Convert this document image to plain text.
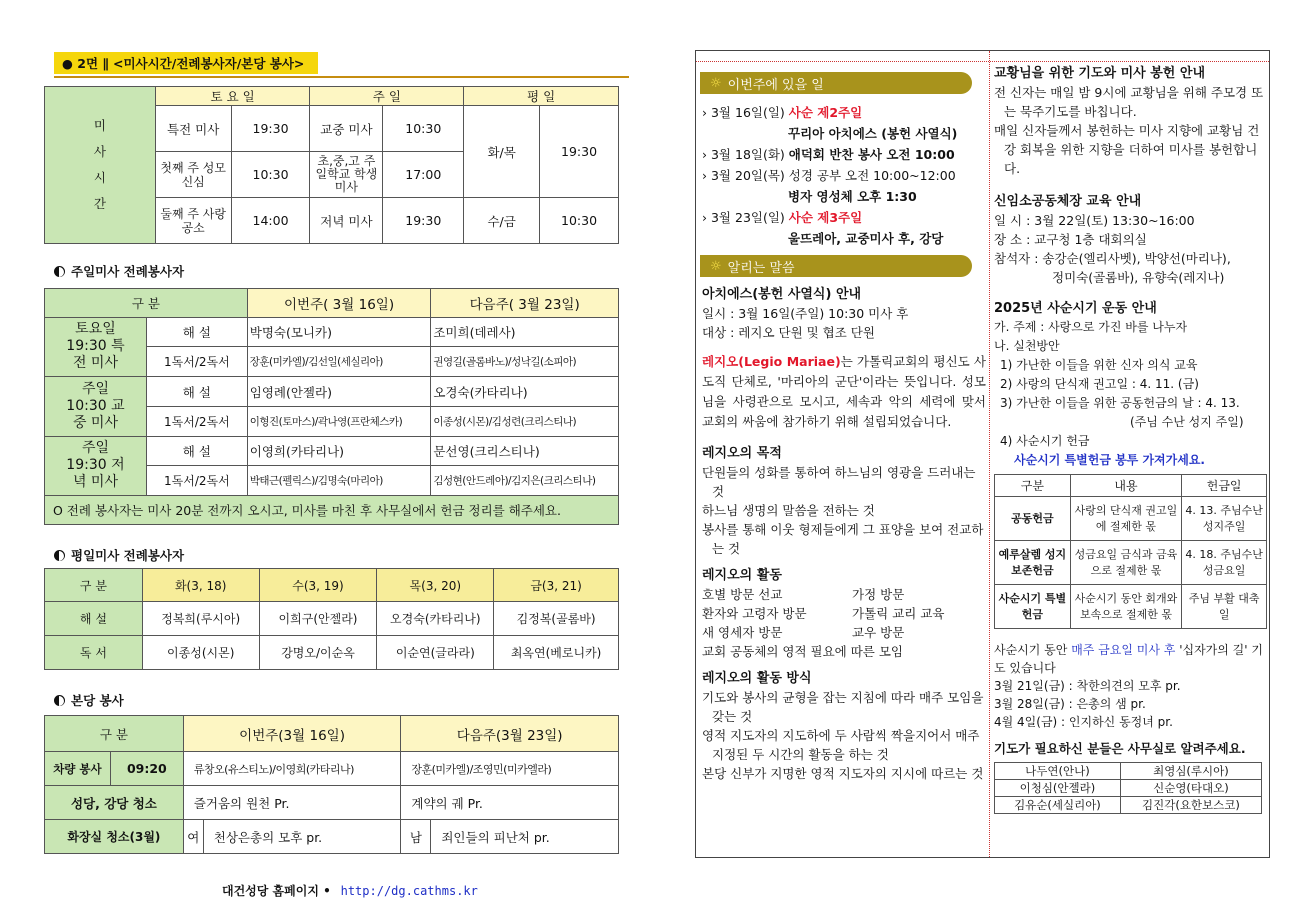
● 2면 ∥ <미사시간/전례봉사자/본당 봉사>
미
사
시
간	토 요 일		주 일		평 일	
	특전 미사	19:30	교중 미사	10:30	화/목	19:30
	첫째 주 성모 신심	10:30	초,중,고 주일학교 학생미사	17:00		
	둘째 주 사랑 공소	14:00	저녁 미사	19:30	수/금	10:30
주일미사 전례봉사자
구 분		이번주( 3월 16일)	다음주( 3월 23일)
토요일 19:30 특전 미사	해 설	박명숙(모니카)	조미희(데레사)
	1독서/2독서	장훈(미카엘)/김선일(세실리아)	권영길(골롬바노)/성낙길(소피아)
주일 10:30 교중 미사	해 설	임영례(안젤라)	오경숙(카타리나)
	1독서/2독서	이형진(토마스)/곽나영(프란체스카)	이종성(시몬)/김성련(크리스티나)
주일 19:30 저녁 미사	해 설	이영희(카타리나)	문선영(크리스티나)
	1독서/2독서	박태근(펠릭스)/김명숙(마리아)	김성현(안드레아)/김지은(크리스티나)
O 전례 봉사자는 미사 20분 전까지 오시고, 미사를 마친 후 사무실에서 헌금 정리를 해주세요.			
평일미사 전례봉사자
구 분	화(3, 18)	수(3, 19)	목(3, 20)	금(3, 21)
해 설	정복희(루시아)	이희구(안젤라)	오경숙(카타리나)	김정복(골롬바)
독 서	이종성(시몬)	강명오/이순옥	이순연(글라라)	최옥연(베로니카)
본당 봉사
구 분		이번주(3월 16일)		다음주(3월 23일)	
차량 봉사	09:20	류창오(유스티노)/이영희(카타리나)		장훈(미카엘)/조영민(미카엘라)	
성당, 강당 청소		즐거움의 원천 Pr.		계약의 궤 Pr.	
화장실 청소(3월)		여	천상은총의 모후 pr.	남	죄인들의 피난처 pr.
대건성당 홈페이지 • http://dg.cathms.kr
☼ 이번주에 있을 일
› 3월 16일(일) 사순 제2주일
꾸리아 아치에스 (봉헌 사열식)
› 3월 18일(화) 애덕회 반찬 봉사 오전 10:00
› 3월 20일(목) 성경 공부 오전 10:00~12:00
병자 영성체 오후 1:30
› 3월 23일(일) 사순 제3주일
울뜨레아, 교중미사 후, 강당
☼ 알리는 말씀
아치에스(봉헌 사열식) 안내
일시 : 3월 16일(주일) 10:30 미사 후
대상 : 레지오 단원 및 협조 단원
레지오(Legio Mariae)는 가톨릭교회의 평신도 사도직 단체로, '마리아의 군단'이라는 뜻입니다. 성모님을 사령관으로 모시고, 세속과 악의 세력에 맞서 교회의 싸움에 참가하기 위해 설립되었습니다.
레지오의 목적
단원들의 성화를 통하여 하느님의 영광을 드러내는 것
하느님 생명의 말씀을 전하는 것
봉사를 통해 이웃 형제들에게 그 표양을 보여 전교하는 것
레지오의 활동
호별 방문 선교	가정 방문
환자와 고령자 방문	가톨릭 교리 교육
새 영세자 방문	교우 방문
교회 공동체의 영적 필요에 따른 모임
레지오의 활동 방식
기도와 봉사의 균형을 잡는 지침에 따라 매주 모임을 갖는 것
영적 지도자의 지도하에 두 사람씩 짝을지어서 매주 지정된 두 시간의 활동을 하는 것
본당 신부가 지명한 영적 지도자의 지시에 따르는 것
교황님을 위한 기도와 미사 봉헌 안내
전 신자는 매일 밤 9시에 교황님을 위해 주모경 또는 묵주기도를 바칩니다.
매일 신자들께서 봉헌하는 미사 지향에 교황님 건강 회복을 위한 지향을 더하여 미사를 봉헌합니다.
신임소공동체장 교육 안내
일 시 : 3월 22일(토) 13:30~16:00
장 소 : 교구청 1층 대회의실
참석자 : 송강순(엘리사벳), 박양선(마리나),
정미숙(골롬바), 유향숙(레지나)
2025년 사순시기 운동 안내
가. 주제 : 사랑으로 가진 바를 나누자
나. 실천방안
1) 가난한 이들을 위한 신자 의식 교육
2) 사랑의 단식재 권고일 : 4. 11. (금)
3) 가난한 이들을 위한 공동헌금의 날 : 4. 13.
(주님 수난 성지 주일)
4) 사순시기 헌금
사순시기 특별헌금 봉투 가져가세요.
구분	내용	헌금일
공동헌금	사랑의 단식재 권고일에 절제한 몫	4. 13. 주님수난성지주일
예루살렘 성지보존헌금	성금요일 금식과 금육으로 절제한 몫	4. 18. 주님수난성금요일
사순시기 특별헌금	사순시기 동안 회개와 보속으로 절제한 몫	주님 부활 대축일
사순시기 동안 매주 금요일 미사 후 '십자가의 길' 기도 있습니다
3월 21일(금) : 착한의견의 모후 pr.
3월 28일(금) : 은총의 샘 pr.
4월 4일(금) : 인지하신 동정녀 pr.
기도가 필요하신 분들은 사무실로 알려주세요.
나두연(안나)	최영심(루시아)
이청심(안젤라)	신순영(타대오)
김유순(세실리아)	김진각(요한보스코)
